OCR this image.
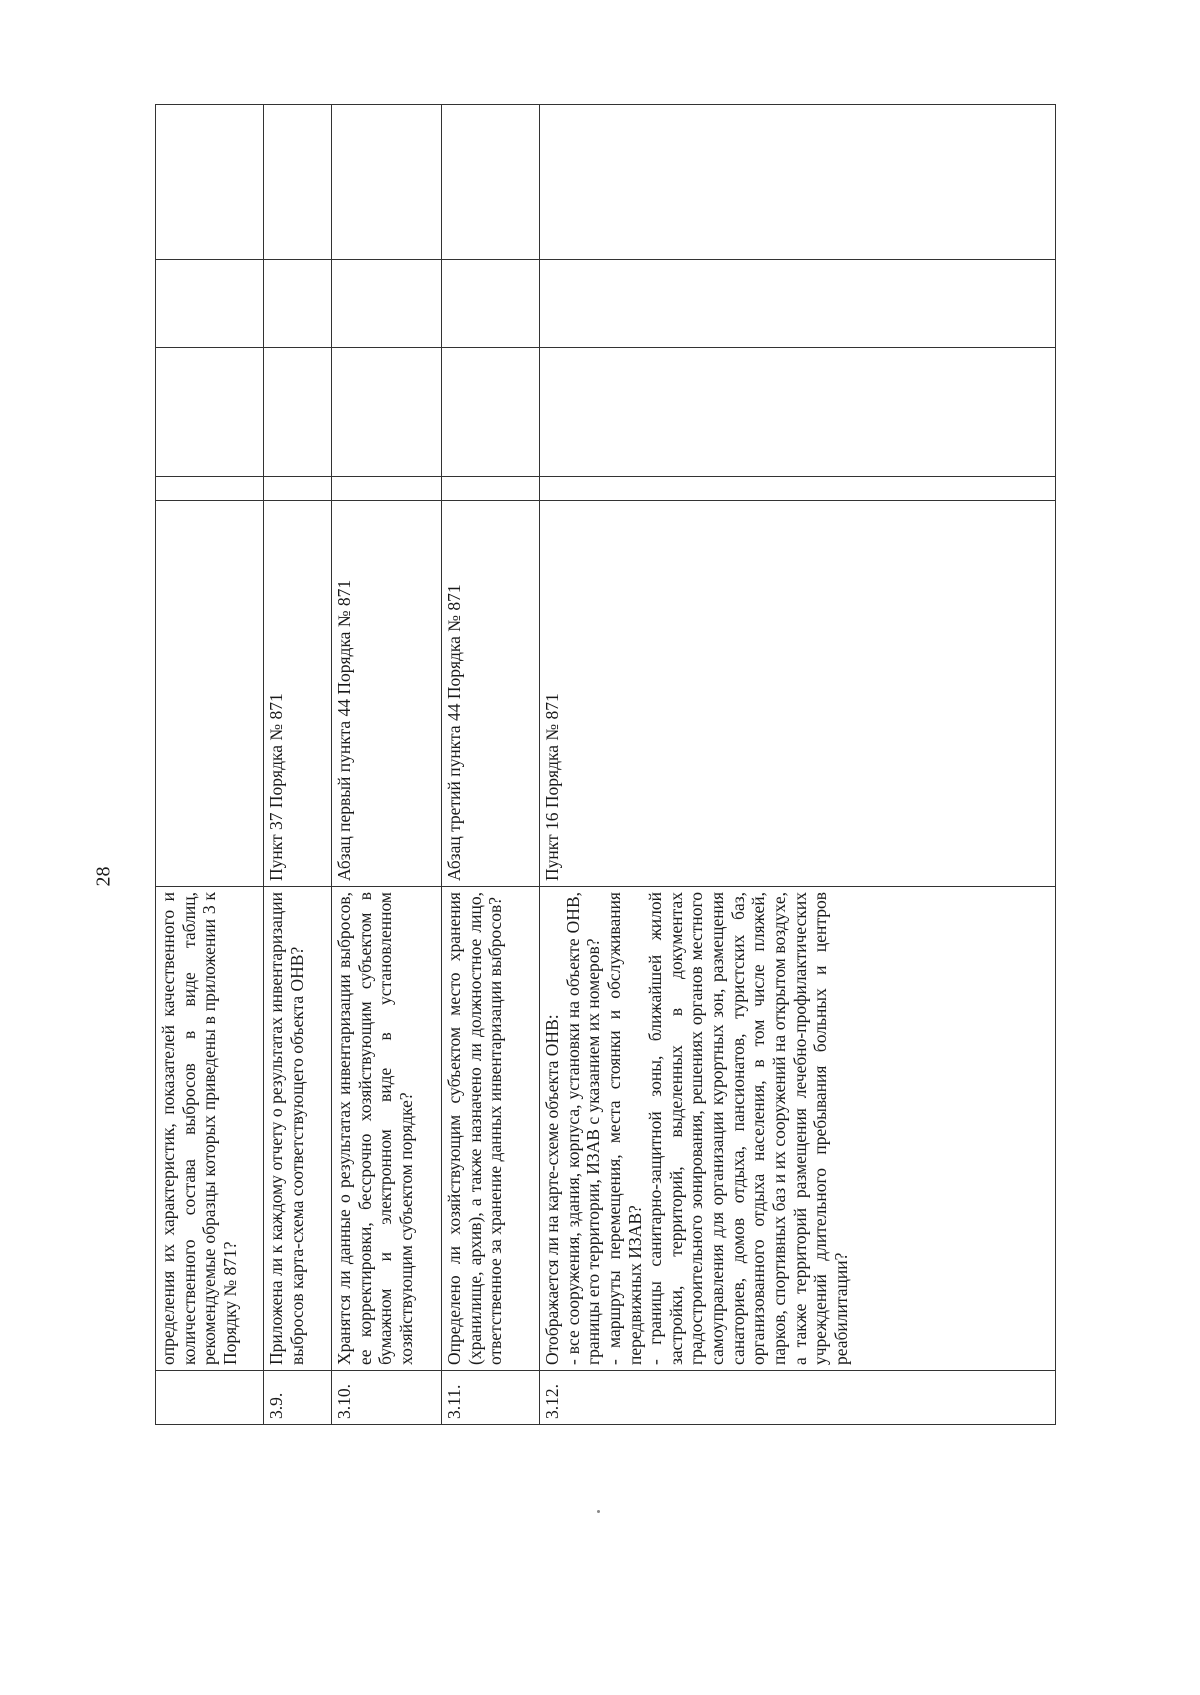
28
	определения их характеристик, показателей качественного и количественного состава выбросов в виде таблиц, рекомендуемые образцы которых приведены в приложении 3 к Порядку № 871?					
3.9.	Приложена ли к каждому отчету о результатах инвентаризации выбросов карта-схема соответствующего объекта ОНВ?	Пункт 37 Порядка № 871				
3.10.	Хранятся ли данные о результатах инвентаризации выбросов, ее корректировки, бессрочно хозяйствующим субъектом в бумажном и электронном виде в установленном хозяйствующим субъектом порядке?	Абзац первый пункта 44 Порядка № 871				
3.11.	Определено ли хозяйствующим субъектом место хранения (хранилище, архив), а также назначено ли должностное лицо, ответственное за хранение данных инвентаризации выбросов?	Абзац третий пункта 44 Порядка № 871				
3.12.	Отображается ли на карте-схеме объекта ОНВ: - все сооружения, здания, корпуса, установки на объекте ОНВ, границы его территории, ИЗАВ с указанием их номеров? - маршруты перемещения, места стоянки и обслуживания передвижных ИЗАВ? - границы санитарно-защитной зоны, ближайшей жилой застройки, территорий, выделенных в документах градостроительного зонирования, решениях органов местного самоуправления для организации курортных зон, размещения санаториев, домов отдыха, пансионатов, туристских баз, организованного отдыха населения, в том числе пляжей, парков, спортивных баз и их сооружений на открытом воздухе, а также территорий размещения лечебно-профилактических учреждений длительного пребывания больных и центров реабилитации?	Пункт 16 Порядка № 871				
